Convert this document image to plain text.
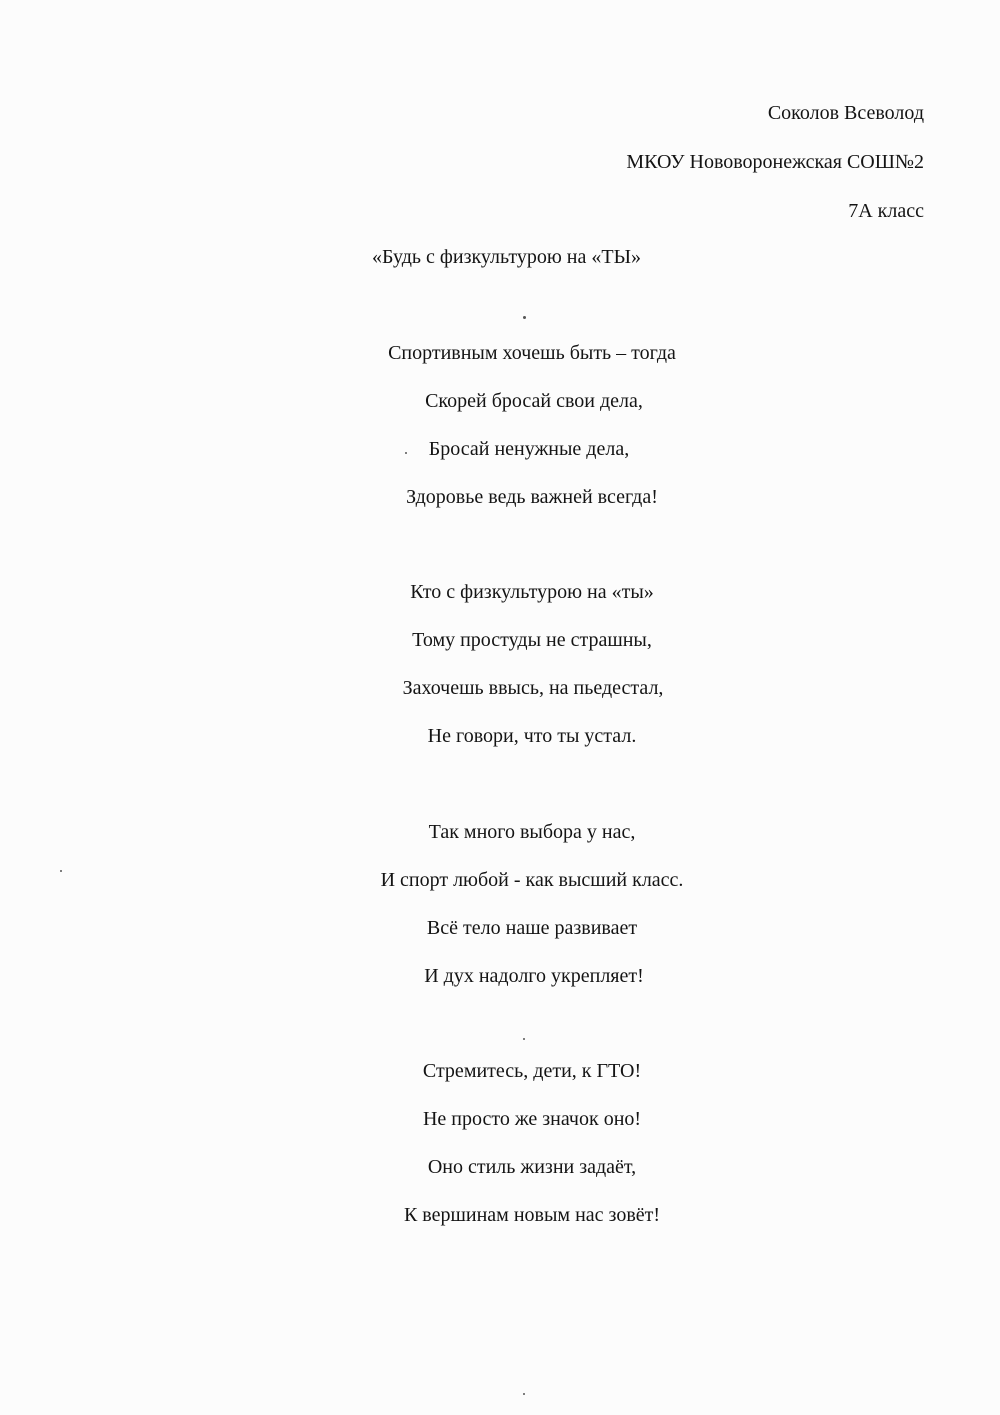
Соколов Всеволод
МКОУ Нововоронежская СОШ№2
7А класс
«Будь с физкультурою на «ТЫ»
Спортивным хочешь быть – тогда
Скорей бросай свои дела,
Бросай ненужные дела,
Здоровье ведь важней всегда!
Кто с физкультурою на «ты»
Тому простуды не страшны,
Захочешь ввысь, на пьедестал,
Не говори, что ты устал.
Так много выбора у нас,
И спорт любой - как высший класс.
Всё тело наше развивает
И дух надолго укрепляет!
Стремитесь, дети, к ГТО!
Не просто же значок оно!
Оно стиль жизни задаёт,
К вершинам новым нас зовёт!
